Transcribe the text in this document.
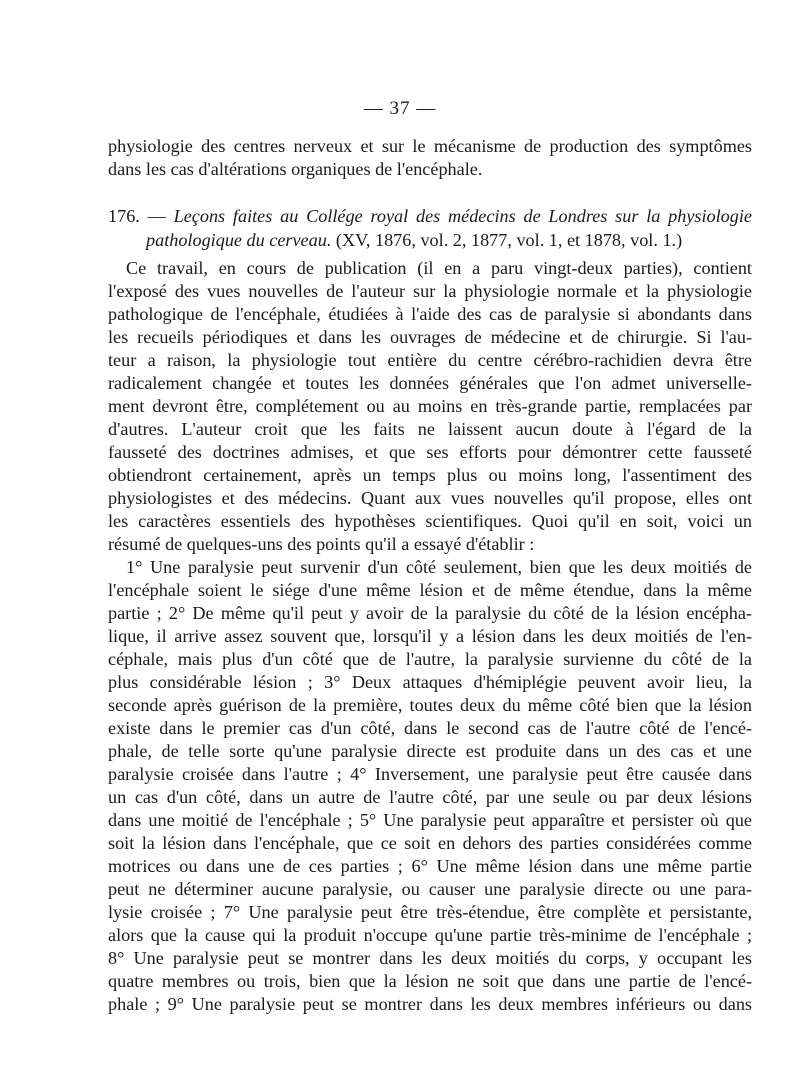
— 37 —
physiologie des centres nerveux et sur le mécanisme de production des symptômes
dans les cas d'altérations organiques de l'encéphale.
176. — Leçons faites au Collége royal des médecins de Londres sur la physiologie
pathologique du cerveau. (XV, 1876, vol. 2, 1877, vol. 1, et 1878, vol. 1.)
Ce travail, en cours de publication (il en a paru vingt-deux parties), contient
l'exposé des vues nouvelles de l'auteur sur la physiologie normale et la physiologie
pathologique de l'encéphale, étudiées à l'aide des cas de paralysie si abondants dans
les recueils périodiques et dans les ouvrages de médecine et de chirurgie. Si l'au-
teur a raison, la physiologie tout entière du centre cérébro-rachidien devra être
radicalement changée et toutes les données générales que l'on admet universelle-
ment devront être, complétement ou au moins en très-grande partie, remplacées par
d'autres. L'auteur croit que les faits ne laissent aucun doute à l'égard de la
fausseté des doctrines admises, et que ses efforts pour démontrer cette fausseté
obtiendront certainement, après un temps plus ou moins long, l'assentiment des
physiologistes et des médecins. Quant aux vues nouvelles qu'il propose, elles ont
les caractères essentiels des hypothèses scientifiques. Quoi qu'il en soit, voici un
résumé de quelques-uns des points qu'il a essayé d'établir :
1° Une paralysie peut survenir d'un côté seulement, bien que les deux moitiés de
l'encéphale soient le siége d'une même lésion et de même étendue, dans la même
partie ; 2° De même qu'il peut y avoir de la paralysie du côté de la lésion encépha-
lique, il arrive assez souvent que, lorsqu'il y a lésion dans les deux moitiés de l'en-
céphale, mais plus d'un côté que de l'autre, la paralysie survienne du côté de la
plus considérable lésion ; 3° Deux attaques d'hémiplégie peuvent avoir lieu, la
seconde après guérison de la première, toutes deux du même côté bien que la lésion
existe dans le premier cas d'un côté, dans le second cas de l'autre côté de l'encé-
phale, de telle sorte qu'une paralysie directe est produite dans un des cas et une
paralysie croisée dans l'autre ; 4° Inversement, une paralysie peut être causée dans
un cas d'un côté, dans un autre de l'autre côté, par une seule ou par deux lésions
dans une moitié de l'encéphale ; 5° Une paralysie peut apparaître et persister où que
soit la lésion dans l'encéphale, que ce soit en dehors des parties considérées comme
motrices ou dans une de ces parties ; 6° Une même lésion dans une même partie
peut ne déterminer aucune paralysie, ou causer une paralysie directe ou une para-
lysie croisée ; 7° Une paralysie peut être très-étendue, être complète et persistante,
alors que la cause qui la produit n'occupe qu'une partie très-minime de l'encéphale ;
8° Une paralysie peut se montrer dans les deux moitiés du corps, y occupant les
quatre membres ou trois, bien que la lésion ne soit que dans une partie de l'encé-
phale ; 9° Une paralysie peut se montrer dans les deux membres inférieurs ou dans
